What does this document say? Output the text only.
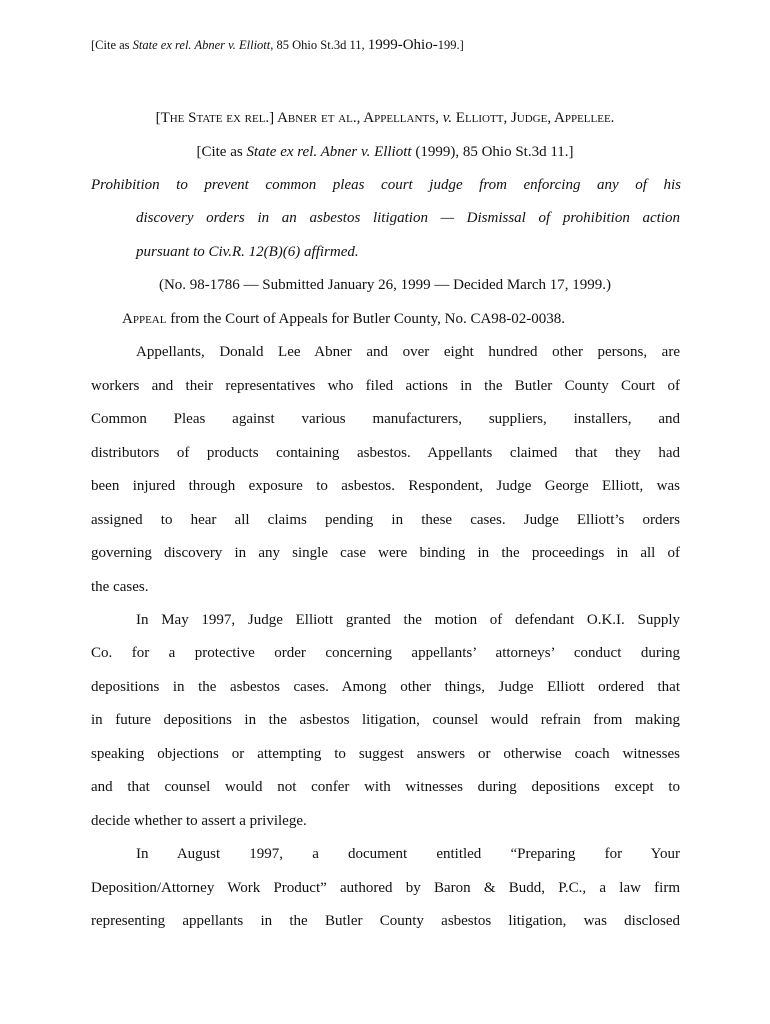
[Cite as State ex rel. Abner v. Elliott, 85 Ohio St.3d 11, 1999-Ohio-199.]
[The State ex rel.] Abner et al., Appellants, v. Elliott, Judge, Appellee.
[Cite as State ex rel. Abner v. Elliott (1999), 85 Ohio St.3d 11.]
Prohibition to prevent common pleas court judge from enforcing any of his
discovery orders in an asbestos litigation — Dismissal of prohibition action
pursuant to Civ.R. 12(B)(6) affirmed.
(No. 98-1786 — Submitted January 26, 1999 — Decided March 17, 1999.)
Appeal from the Court of Appeals for Butler County, No. CA98-02-0038.
Appellants, Donald Lee Abner and over eight hundred other persons, are
workers and their representatives who filed actions in the Butler County Court of
Common Pleas against various manufacturers, suppliers, installers, and
distributors of products containing asbestos. Appellants claimed that they had
been injured through exposure to asbestos. Respondent, Judge George Elliott, was
assigned to hear all claims pending in these cases. Judge Elliott’s orders
governing discovery in any single case were binding in the proceedings in all of
the cases.
In May 1997, Judge Elliott granted the motion of defendant O.K.I. Supply
Co. for a protective order concerning appellants’ attorneys’ conduct during
depositions in the asbestos cases. Among other things, Judge Elliott ordered that
in future depositions in the asbestos litigation, counsel would refrain from making
speaking objections or attempting to suggest answers or otherwise coach witnesses
and that counsel would not confer with witnesses during depositions except to
decide whether to assert a privilege.
In August 1997, a document entitled “Preparing for Your
Deposition/Attorney Work Product” authored by Baron & Budd, P.C., a law firm
representing appellants in the Butler County asbestos litigation, was disclosed
